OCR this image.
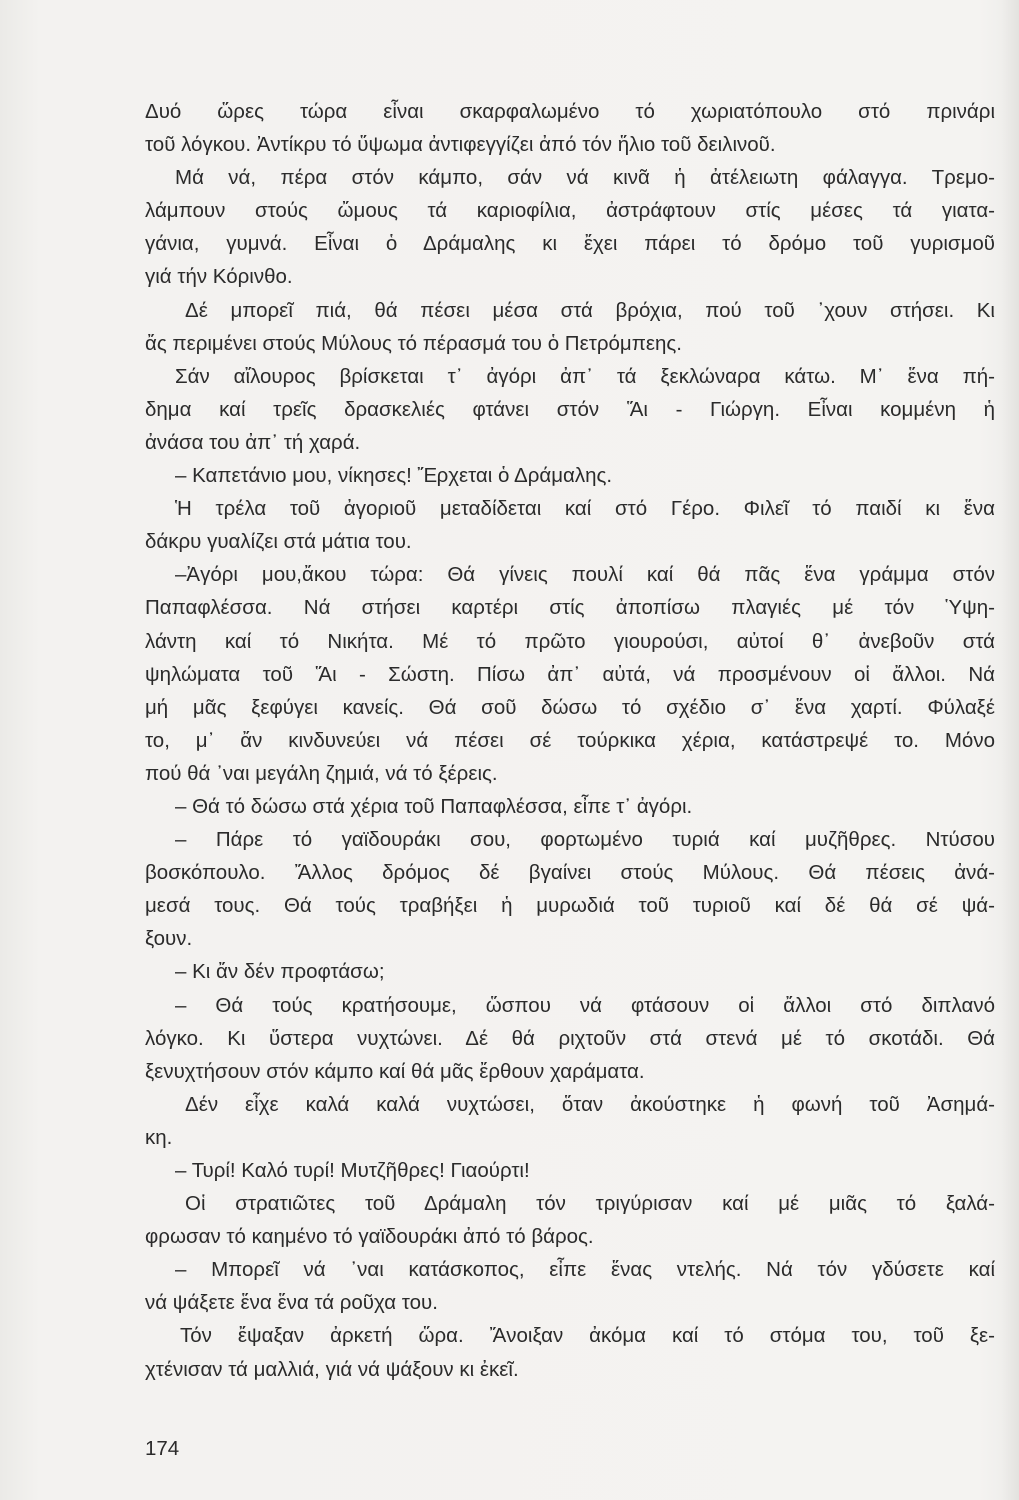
Δυό ὥρες τώρα εἶναι σκαρφαλωμένο τό χωριατόπουλο στό πρινάρι
τοῦ λόγκου. Ἀντίκρυ τό ὕψωμα ἀντιφεγγίζει ἀπό τόν ἥλιο τοῦ δειλινοῦ.
Μά νά, πέρα στόν κάμπο, σάν νά κινᾶ ἡ ἀτέλειωτη φάλαγγα. Τρεμο-
λάμπουν στούς ὤμους τά καριοφίλια, ἀστράφτουν στίς μέσες τά γιατα-
γάνια, γυμνά. Εἶναι ὁ Δράμαλης κι ἔχει πάρει τό δρόμο τοῦ γυρισμοῦ
γιά τήν Κόρινθο.
Δέ μπορεῖ πιά, θά πέσει μέσα στά βρόχια, πού τοῦ ᾽χουν στήσει. Κι
ἄς περιμένει στούς Μύλους τό πέρασμά του ὁ Πετρόμπεης.
Σάν αἴλουρος βρίσκεται τ᾽ ἀγόρι ἀπ᾽ τά ξεκλώναρα κάτω. Μ᾽ ἕνα πή-
δημα καί τρεῖς δρασκελιές φτάνει στόν Ἅι - Γιώργη. Εἶναι κομμένη ἡ
ἀνάσα του ἀπ᾽ τή χαρά.
– Καπετάνιο μου, νίκησες! Ἔρχεται ὁ Δράμαλης.
Ἡ τρέλα τοῦ ἀγοριοῦ μεταδίδεται καί στό Γέρο. Φιλεῖ τό παιδί κι ἕνα
δάκρυ γυαλίζει στά μάτια του.
–Ἀγόρι μου,ἄκου τώρα: Θά γίνεις πουλί καί θά πᾶς ἕνα γράμμα στόν
Παπαφλέσσα. Νά στήσει καρτέρι στίς ἀποπίσω πλαγιές μέ τόν Ὑψη-
λάντη καί τό Νικήτα. Μέ τό πρῶτο γιουρούσι, αὐτοί θ᾽ ἀνεβοῦν στά
ψηλώματα τοῦ Ἅι - Σώστη. Πίσω ἀπ᾽ αὐτά, νά προσμένουν οἱ ἄλλοι. Νά
μή μᾶς ξεφύγει κανείς. Θά σοῦ δώσω τό σχέδιο σ᾽ ἕνα χαρτί. Φύλαξέ
το, μ᾽ ἄν κινδυνεύει νά πέσει σέ τούρκικα χέρια, κατάστρεψέ το. Μόνο
πού θά ᾽ναι μεγάλη ζημιά, νά τό ξέρεις.
– Θά τό δώσω στά χέρια τοῦ Παπαφλέσσα, εἶπε τ᾽ ἀγόρι.
– Πάρε τό γαϊδουράκι σου, φορτωμένο τυριά καί μυζῆθρες. Ντύσου
βοσκόπουλο. Ἄλλος δρόμος δέ βγαίνει στούς Μύλους. Θά πέσεις ἀνά-
μεσά τους. Θά τούς τραβήξει ἡ μυρωδιά τοῦ τυριοῦ καί δέ θά σέ ψά-
ξουν.
– Κι ἄν δέν προφτάσω;
– Θά τούς κρατήσουμε, ὥσπου νά φτάσουν οἱ ἄλλοι στό διπλανό
λόγκο. Κι ὕστερα νυχτώνει. Δέ θά ριχτοῦν στά στενά μέ τό σκοτάδι. Θά
ξενυχτήσουν στόν κάμπο καί θά μᾶς ἔρθουν χαράματα.
Δέν εἶχε καλά καλά νυχτώσει, ὅταν ἀκούστηκε ἡ φωνή τοῦ Ἀσημά-
κη.
– Τυρί! Καλό τυρί! Μυτζῆθρες! Γιαούρτι!
Οἱ στρατιῶτες τοῦ Δράμαλη τόν τριγύρισαν καί μέ μιᾶς τό ξαλά-
φρωσαν τό καημένο τό γαϊδουράκι ἀπό τό βάρος.
– Μπορεῖ νά ᾽ναι κατάσκοπος, εἶπε ἕνας ντελής. Νά τόν γδύσετε καί
νά ψάξετε ἕνα ἕνα τά ροῦχα του.
Τόν ἔψαξαν ἀρκετή ὥρα. Ἄνοιξαν ἀκόμα καί τό στόμα του, τοῦ ξε-
χτένισαν τά μαλλιά, γιά νά ψάξουν κι ἐκεῖ.
174
